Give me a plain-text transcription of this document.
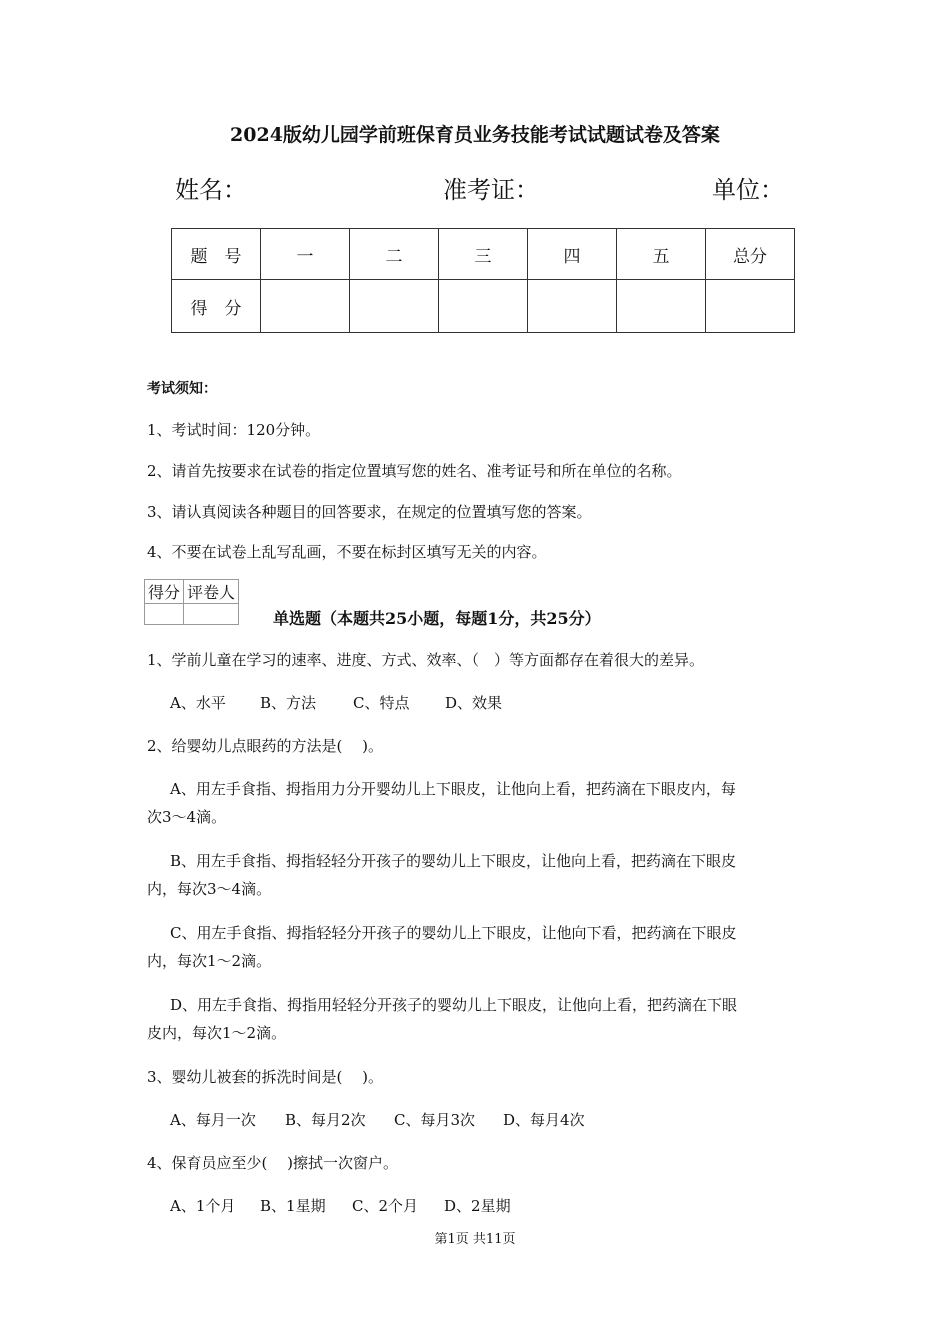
2024版幼儿园学前班保育员业务技能考试试题试卷及答案
姓名：	准考证：	单位：
题　号	一	二	三	四	五	总分
得　分						
考试须知：
1、考试时间：120分钟。
2、请首先按要求在试卷的指定位置填写您的姓名、准考证号和所在单位的名称。
3、请认真阅读各种题目的回答要求，在规定的位置填写您的答案。
4、不要在试卷上乱写乱画，不要在标封区填写无关的内容。
得分	评卷人

单选题（本题共25小题，每题1分，共25分）
1、学前儿童在学习的速率、进度、方式、效率、（　）等方面都存在着很大的差异。
A、水平 B、方法 C、特点 D、效果
2、给婴幼儿点眼药的方法是(　 )。
A、用左手食指、拇指用力分开婴幼儿上下眼皮，让他向上看，把药滴在下眼皮内，每
次3～4滴。
B、用左手食指、拇指轻轻分开孩子的婴幼儿上下眼皮，让他向上看，把药滴在下眼皮
内，每次3～4滴。
C、用左手食指、拇指轻轻分开孩子的婴幼儿上下眼皮，让他向下看，把药滴在下眼皮
内，每次1～2滴。
D、用左手食指、拇指用轻轻分开孩子的婴幼儿上下眼皮，让他向上看，把药滴在下眼
皮内，每次1～2滴。
3、婴幼儿被套的拆洗时间是(　 )。
A、每月一次 B、每月2次 C、每月3次 D、每月4次
4、保育员应至少(　 )擦拭一次窗户。
A、1个月 B、1星期 C、2个月 D、2星期
第1页 共11页
